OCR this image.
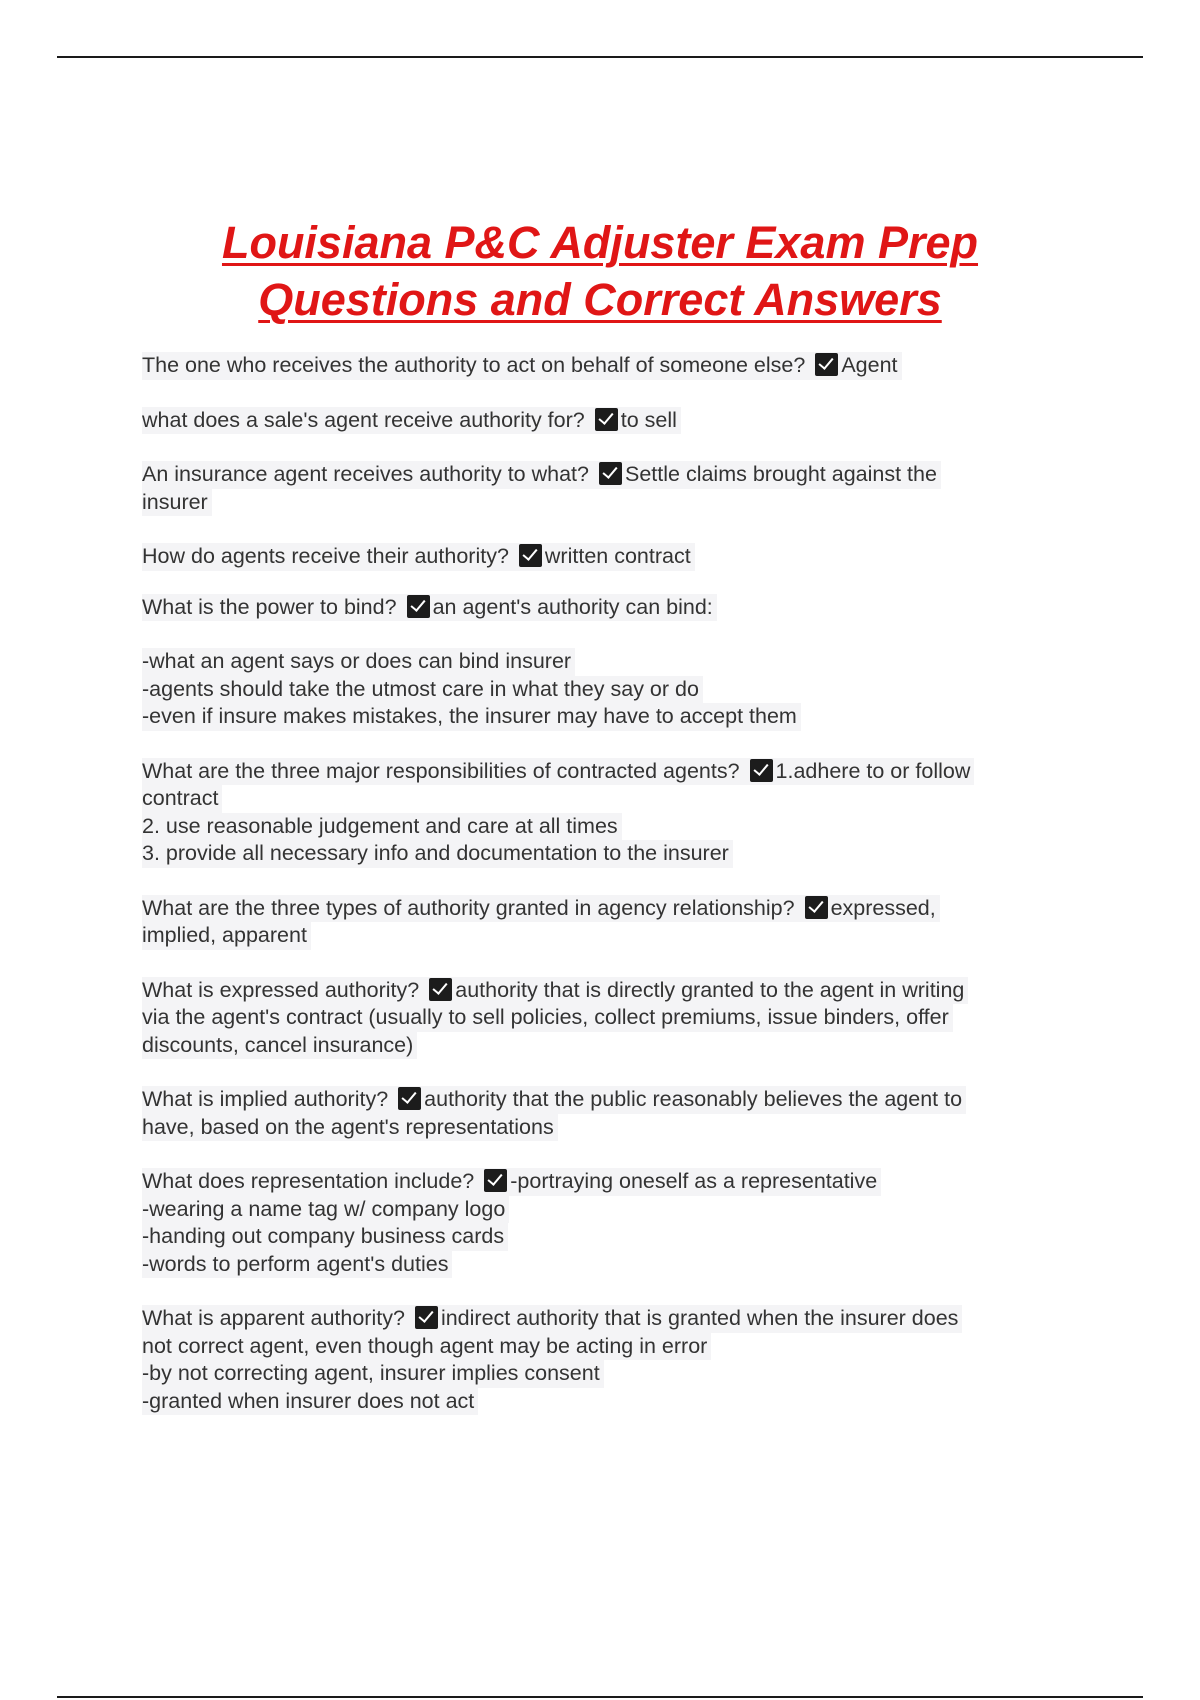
Louisiana P&C Adjuster Exam Prep
Questions and Correct Answers
The one who receives the authority to act on behalf of someone else? Agent
what does a sale's agent receive authority for? to sell
An insurance agent receives authority to what? Settle claims brought against the
insurer
How do agents receive their authority? written contract
What is the power to bind? an agent's authority can bind:
-what an agent says or does can bind insurer
-agents should take the utmost care in what they say or do
-even if insure makes mistakes, the insurer may have to accept them
What are the three major responsibilities of contracted agents? 1.adhere to or follow
contract
2. use reasonable judgement and care at all times
3. provide all necessary info and documentation to the insurer
What are the three types of authority granted in agency relationship? expressed,
implied, apparent
What is expressed authority? authority that is directly granted to the agent in writing
via the agent's contract (usually to sell policies, collect premiums, issue binders, offer
discounts, cancel insurance)
What is implied authority? authority that the public reasonably believes the agent to
have, based on the agent's representations
What does representation include? -portraying oneself as a representative
-wearing a name tag w/ company logo
-handing out company business cards
-words to perform agent's duties
What is apparent authority? indirect authority that is granted when the insurer does
not correct agent, even though agent may be acting in error
-by not correcting agent, insurer implies consent
-granted when insurer does not act
